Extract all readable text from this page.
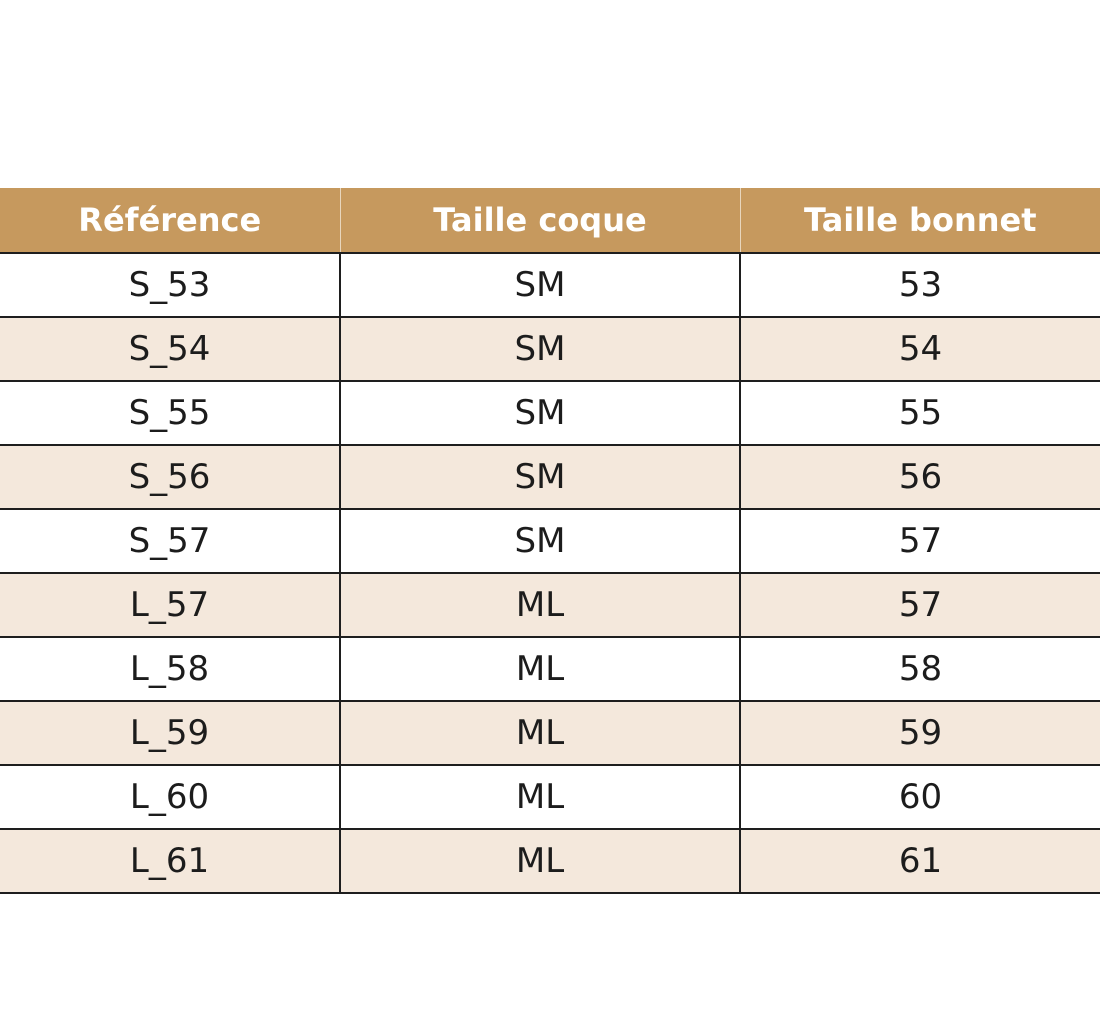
Référence	Taille coque	Taille bonnet
S_53	SM	53
S_54	SM	54
S_55	SM	55
S_56	SM	56
S_57	SM	57
L_57	ML	57
L_58	ML	58
L_59	ML	59
L_60	ML	60
L_61	ML	61
